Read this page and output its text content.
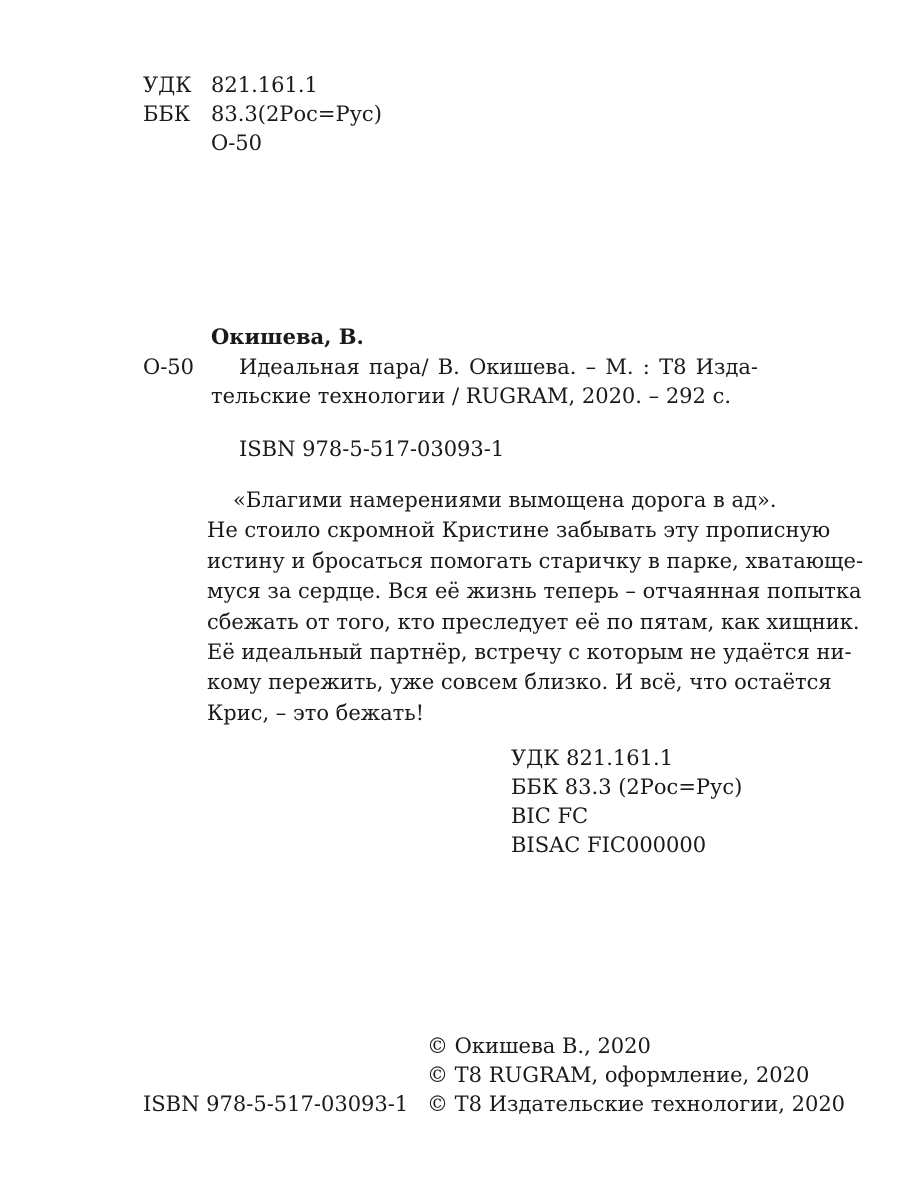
УДК 821.161.1
ББК 83.3(2Рос=Рус)
О-50
Окишева, В.
О-50 Идеальная пара/ В. Окишева. – М. : Т8 Изда-
тельские технологии / RUGRAM, 2020. – 292 с.
ISBN 978-5-517-03093-1
«Благими намерениями вымощена дорога в ад».
Не стоило скромной Кристине забывать эту прописную
истину и бросаться помогать старичку в парке, хватающе-
муся за сердце. Вся её жизнь теперь – отчаянная попытка
сбежать от того, кто преследует её по пятам, как хищник.
Её идеальный партнёр, встречу с которым не удаётся ни-
кому пережить, уже совсем близко. И всё, что остаётся
Крис, – это бежать!
УДК 821.161.1
ББК 83.3 (2Рос=Рус)
BIC FC
BISAC FIC000000
© Окишева В., 2020
© Т8 RUGRAM, оформление, 2020
ISBN 978-5-517-03093-1 © Т8 Издательские технологии, 2020
